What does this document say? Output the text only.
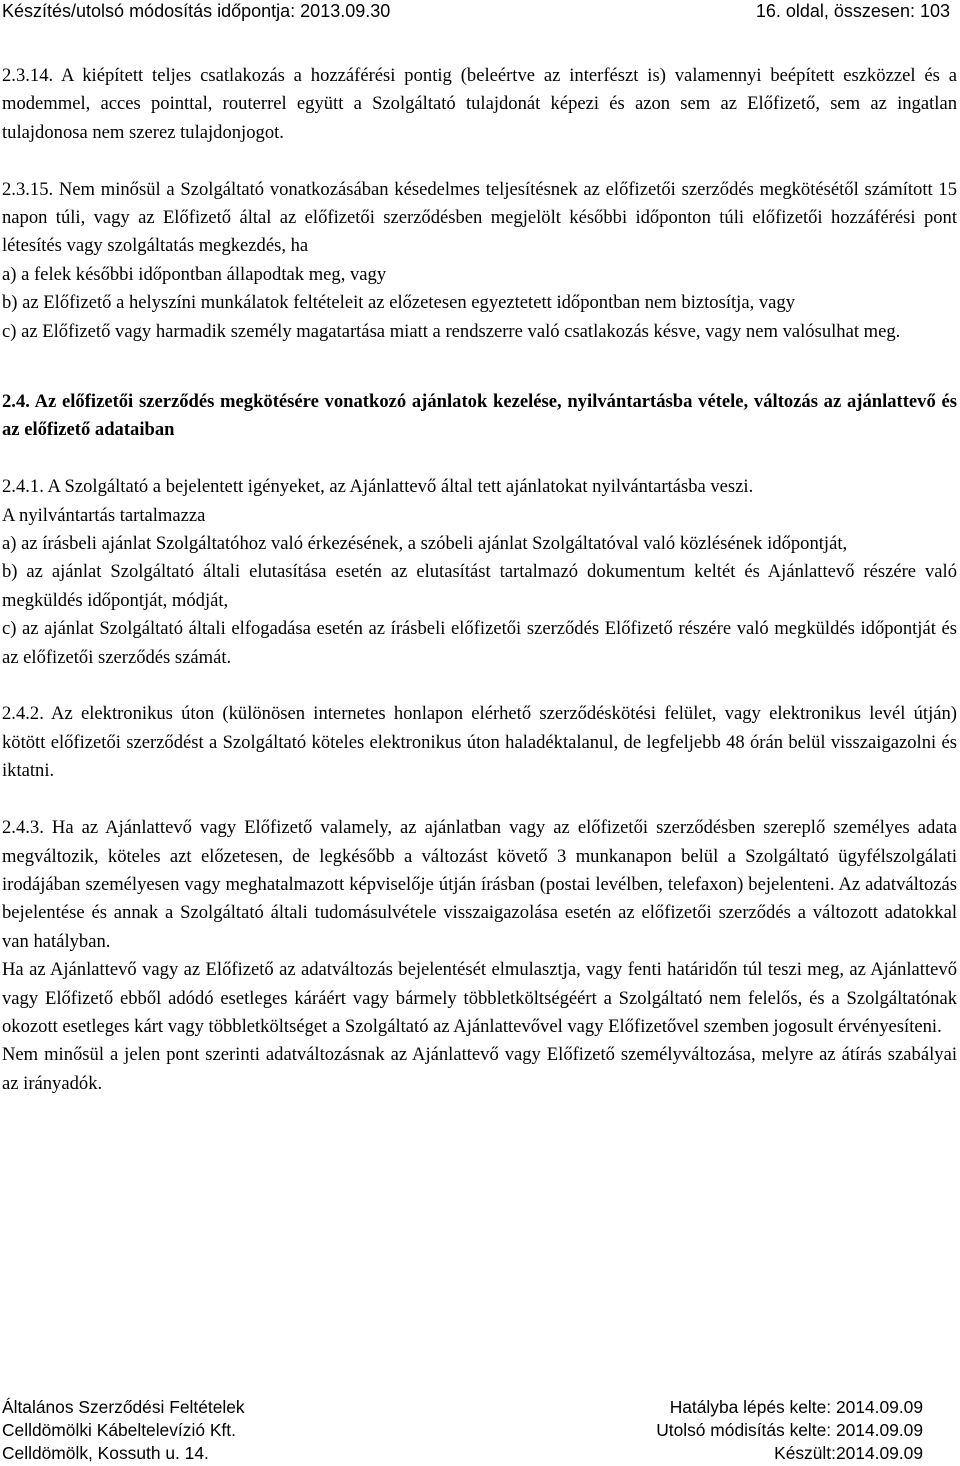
Készítés/utolsó módosítás időpontja: 2013.09.30	16. oldal, összesen: 103

2.3.14. A kiépített teljes csatlakozás a hozzáférési pontig (beleértve az interfészt is) valamennyi beépített eszközzel és a modemmel, acces pointtal, routerrel együtt a Szolgáltató tulajdonát képezi és azon sem az Előfizető, sem az ingatlan tulajdonosa nem szerez tulajdonjogot.

2.3.15. Nem minősül a Szolgáltató vonatkozásában késedelmes teljesítésnek az előfizetői szerződés megkötésétől számított 15 napon túli, vagy az Előfizető által az előfizetői szerződésben megjelölt későbbi időponton túli előfizetői hozzáférési pont létesítés vagy szolgáltatás megkezdés, ha

a) a felek későbbi időpontban állapodtak meg, vagy

b) az Előfizető a helyszíni munkálatok feltételeit az előzetesen egyeztetett időpontban nem biztosítja, vagy

c) az Előfizető vagy harmadik személy magatartása miatt a rendszerre való csatlakozás késve, vagy nem valósulhat meg.

2.4. Az előfizetői szerződés megkötésére vonatkozó ajánlatok kezelése, nyilvántartásba vétele, változás az ajánlattevő és az előfizető adataiban

2.4.1. A Szolgáltató a bejelentett igényeket, az Ajánlattevő által tett ajánlatokat nyilvántartásba veszi.

A nyilvántartás tartalmazza

a) az írásbeli ajánlat Szolgáltatóhoz való érkezésének, a szóbeli ajánlat Szolgáltatóval való közlésének időpontját,

b) az ajánlat Szolgáltató általi elutasítása esetén az elutasítást tartalmazó dokumentum keltét és Ajánlattevő részére való megküldés időpontját, módját,

c) az ajánlat Szolgáltató általi elfogadása esetén az írásbeli előfizetői szerződés Előfizető részére való megküldés időpontját és az előfizetői szerződés számát.

2.4.2. Az elektronikus úton (különösen internetes honlapon elérhető szerződéskötési felület, vagy elektronikus levél útján) kötött előfizetői szerződést a Szolgáltató köteles elektronikus úton haladéktalanul, de legfeljebb 48 órán belül visszaigazolni és iktatni.

2.4.3. Ha az Ajánlattevő vagy Előfizető valamely, az ajánlatban vagy az előfizetői szerződésben szereplő személyes adata megváltozik, köteles azt előzetesen, de legkésőbb a változást követő 3 munkanapon belül a Szolgáltató ügyfélszolgálati irodájában személyesen vagy meghatalmazott képviselője útján írásban (postai levélben, telefaxon) bejelenteni. Az adatváltozás bejelentése és annak a Szolgáltató általi tudomásulvétele visszaigazolása esetén az előfizetői szerződés a változott adatokkal van hatályban.

Ha az Ajánlattevő vagy az Előfizető az adatváltozás bejelentését elmulasztja, vagy fenti határidőn túl teszi meg, az Ajánlattevő vagy Előfizető ebből adódó esetleges káráért vagy bármely többletköltségéért a Szolgáltató nem felelős, és a Szolgáltatónak okozott esetleges kárt vagy többletköltséget a Szolgáltató az Ajánlattevővel vagy Előfizetővel szemben jogosult érvényesíteni.

Nem minősül a jelen pont szerinti adatváltozásnak az Ajánlattevő vagy Előfizető személyváltozása, melyre az átírás szabályai az irányadók.

Általános Szerződési Feltételek	Hatályba lépés kelte: 2014.09.09
Celldömölki Kábeltelevízió Kft.	Utolsó módisítás kelte: 2014.09.09
Celldömölk, Kossuth u. 14.	Készült:2014.09.09
